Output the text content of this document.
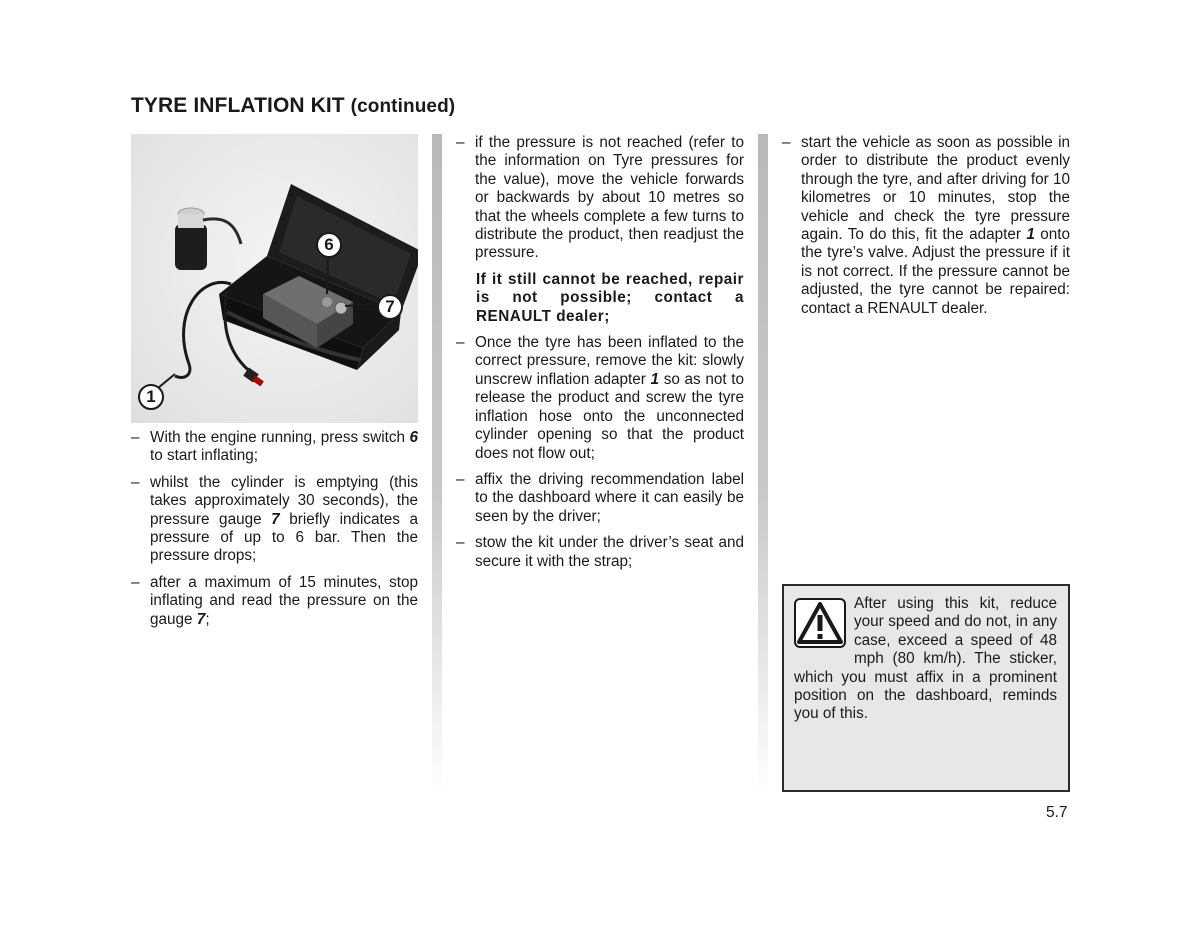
TYRE INFLATION KIT (continued)
6
7
1
– With the engine running, press switch 6 to start inflating;
– whilst the cylinder is emptying (this takes approximately 30 seconds), the pressure gauge 7 briefly indicates a pressure of up to 6 bar. Then the pressure drops;
– after a maximum of 15 minutes, stop inflating and read the pressure on the gauge 7;
– if the pressure is not reached (refer to the information on Tyre pressures for the value), move the vehicle forwards or backwards by about 10 metres so that the wheels complete a few turns to distribute the product, then readjust the pressure.
If it still cannot be reached, repair is not possible; contact a RENAULT dealer;
– Once the tyre has been inflated to the correct pressure, remove the kit: slowly unscrew inflation adapter 1 so as not to release the product and screw the tyre inflation hose onto the unconnected cylinder opening so that the product does not flow out;
– affix the driving recommendation label to the dashboard where it can easily be seen by the driver;
– stow the kit under the driver’s seat and secure it with the strap;
– start the vehicle as soon as possible in order to distribute the product evenly through the tyre, and after driving for 10 kilometres or 10 minutes, stop the vehicle and check the tyre pressure again. To do this, fit the adapter 1 onto the tyre’s valve. Adjust the pressure if it is not correct. If the pressure cannot be adjusted, the tyre cannot be repaired: contact a RENAULT dealer.
After using this kit, reduce your speed and do not, in any case, exceed a speed of 48 mph (80 km/h). The sticker, which you must affix in a prominent position on the dashboard, reminds you of this.
5.7
